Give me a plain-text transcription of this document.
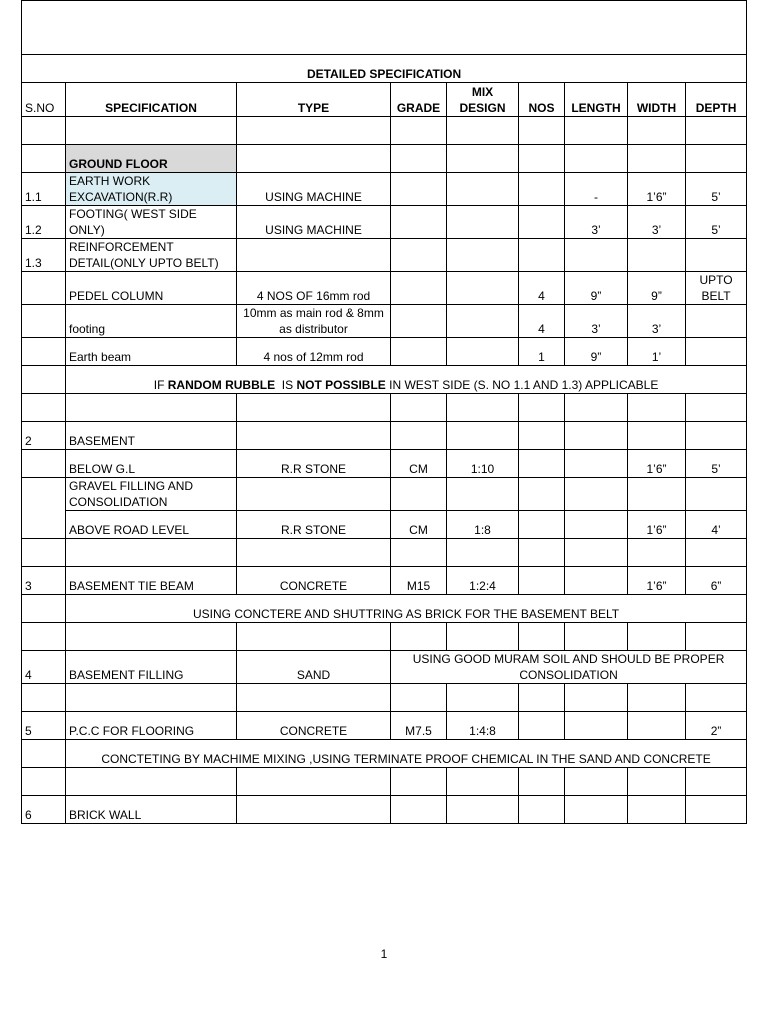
DETAILED SPECIFICATION								
S.NO	SPECIFICATION	TYPE	GRADE	MIX DESIGN	NOS	LENGTH	WIDTH	DEPTH

	GROUND FLOOR							
1.1	EARTH WORK EXCAVATION(R.R)	USING MACHINE				-	1’6”	5’
1.2	FOOTING( WEST SIDE ONLY)	USING MACHINE				3’	3’	5’
1.3	REINFORCEMENT DETAIL(ONLY UPTO BELT)							
	PEDEL COLUMN	4 NOS OF 16mm rod			4	9”	9”	UPTO BELT
	footing	10mm as main rod & 8mm as distributor			4	3’	3’	
	Earth beam	4 nos of 12mm rod			1	9”	1’	
	IF RANDOM RUBBLE  IS NOT POSSIBLE IN WEST SIDE (S. NO 1.1 AND 1.3) APPLICABLE							

2	BASEMENT							
	BELOW G.L	R.R STONE	CM	1:10			1’6”	5’
	GRAVEL FILLING AND CONSOLIDATION							
	ABOVE ROAD LEVEL	R.R STONE	CM	1:8			1’6”	4’

3	BASEMENT TIE BEAM	CONCRETE	M15	1:2:4			1’6”	6”
	USING CONCTERE AND SHUTTRING AS BRICK FOR THE BASEMENT BELT							

4	BASEMENT FILLING	SAND	USING GOOD MURAM SOIL AND SHOULD BE PROPER CONSOLIDATION					

5	P.C.C FOR FLOORING	CONCRETE	M7.5	1:4:8				2”
	CONCTETING BY MACHIME MIXING ,USING TERMINATE PROOF CHEMICAL IN THE SAND AND CONCRETE							

6	BRICK WALL							
1
